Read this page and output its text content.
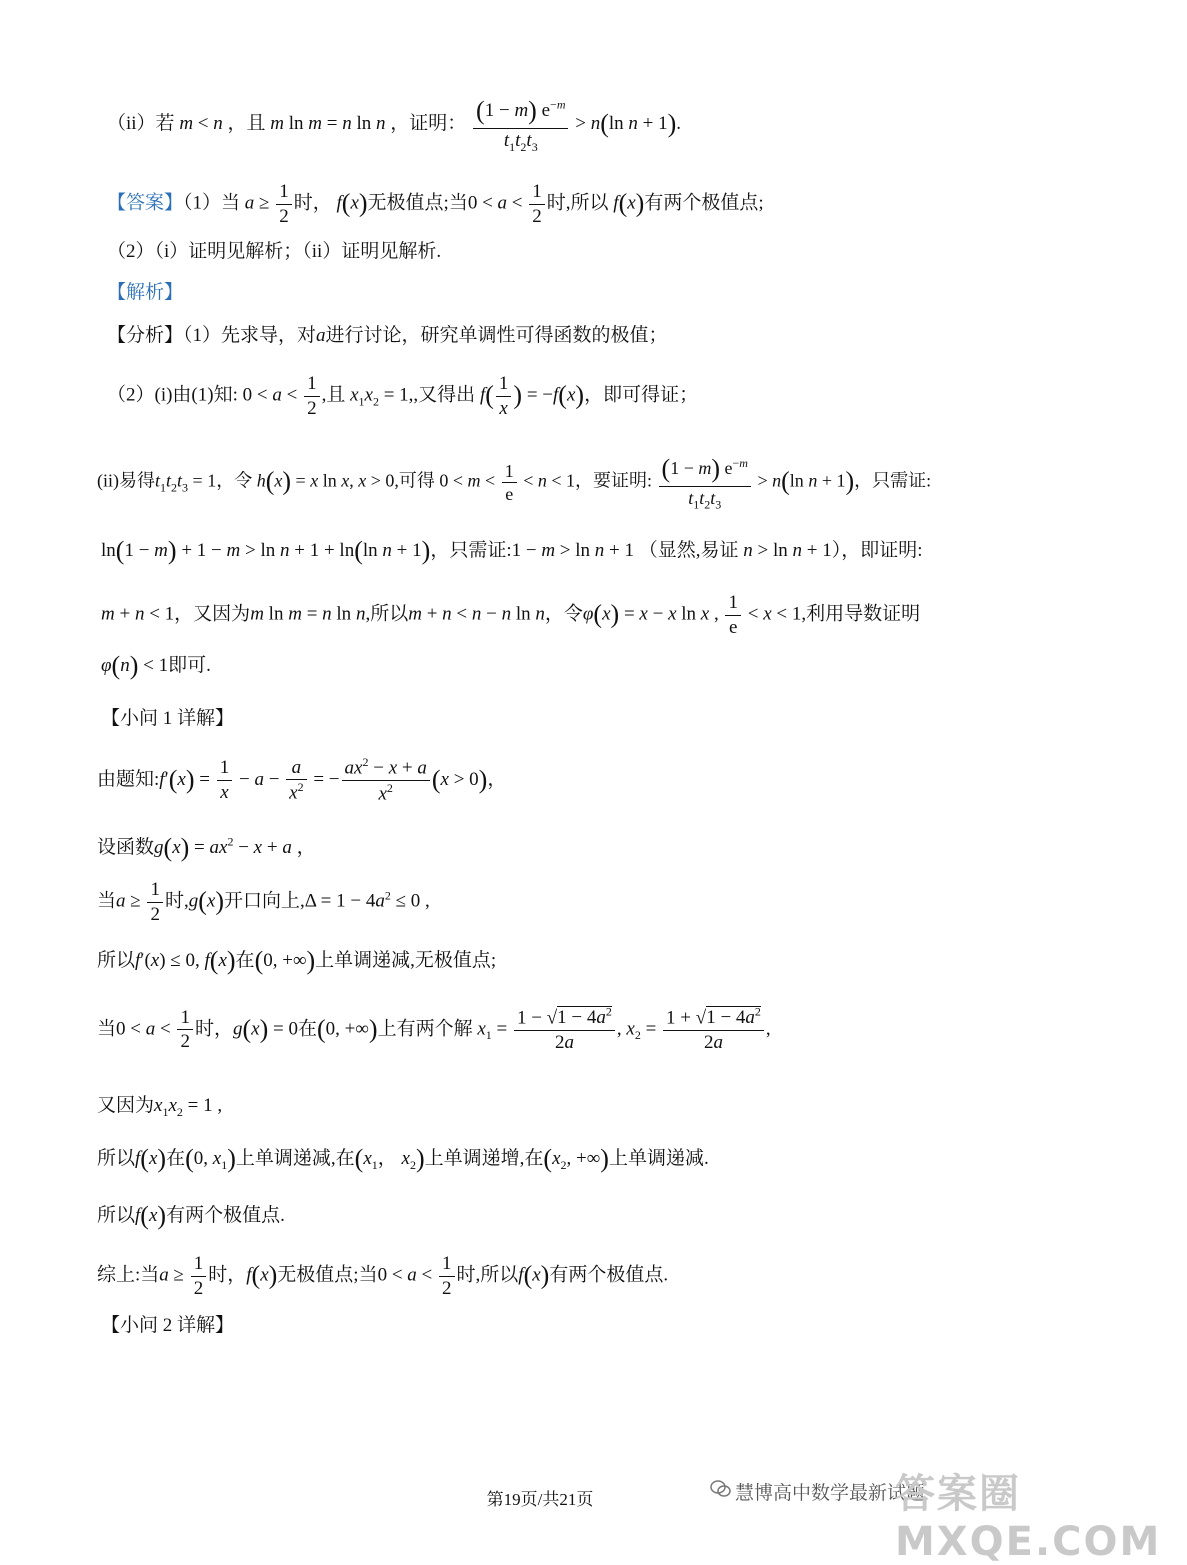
（ii）若 m < n ，且 m ln m = n ln n ，证明： $\frac{(1 - m) e^{-m}}{t_1t_2t_3} > n(\ln$ n + 1).
【答案】（1）当 $a \ge \frac{1}{2}$ 时， f(x)无极值点;当$0 < a < \frac{1}{2}$ 时,所以 f(x)有两个极值点;
（2）（i）证明见解析；（ii）证明见解析.
【解析】
【分析】（1）先求导，对a进行讨论，研究单调性可得函数的极值；
（2）(i)由(1)知: $0 < a < \frac{1}{2}$ ,且 $x_1x_2 = 1$,,又得出 $f( \frac{1}{x}$ ) = −f(x)，即可得证；
(ii)易得$t_1t_2t_3 = 1$，令 h(x) = x ln x, x > 0,可得 $0 < m < \frac{1}{e} < n < 1$，要证明: $\frac{(1 - m) e^{-m}}{t_1t_2t_3} > n(\ln$ n + 1)，只需证:
ln(1 − m) + 1 − m > ln n + 1 + ln(ln n + 1)，只需证:1 − m > ln n + 1 （显然,易证 n > ln n + 1），即证明:
m + n < 1，又因为m ln m = n ln n,所以m + n < n − n ln n，令φ(x) = x − x ln x , $\frac{1}{e} < x < 1$,利用导数证明
φ(n) < 1即可.
【小问 1 详解】
由题知:f′(x) = $\frac{1}{x} - a - \frac{a}{x^2}$ = − $\frac{ax^2 - x + a}{x^2} (x > 0)$，
设函数$g(x) = ax^2 - x + a$ ，
当$a \ge \frac{1}{2}$ 时,g(x)开口向上$,\Delta = 1 - 4a^2 \le 0$ ,
所以f′(x) ≤ 0, f(x)在(0, +∞)上单调递减,无极值点;
当$0 < a < \frac{1}{2}$ 时，g(x) = 0在(0, +∞)上有两个解 $x_1 = \frac{1 - √1 - 4a^2}{2a}$ , $x_2 = \frac{1 + √1 - 4a^2}{2a}$ ,
又因为$x_1x_2 = 1$ ,
所以f(x)在(0, $x_1$)上单调递减,在($x_1$， $x_2$)上单调递增,在($x_2$, +∞)上单调递减.
所以f(x)有两个极值点.
综上:当$a \ge \frac{1}{2}$ 时，f(x)无极值点;当$0 < a < \frac{1}{2}$ 时,所以f(x)有两个极值点.
【小问 2 详解】
慧博高中数学最新试题
答案圈 MXQE.COM
第19页/共21页
